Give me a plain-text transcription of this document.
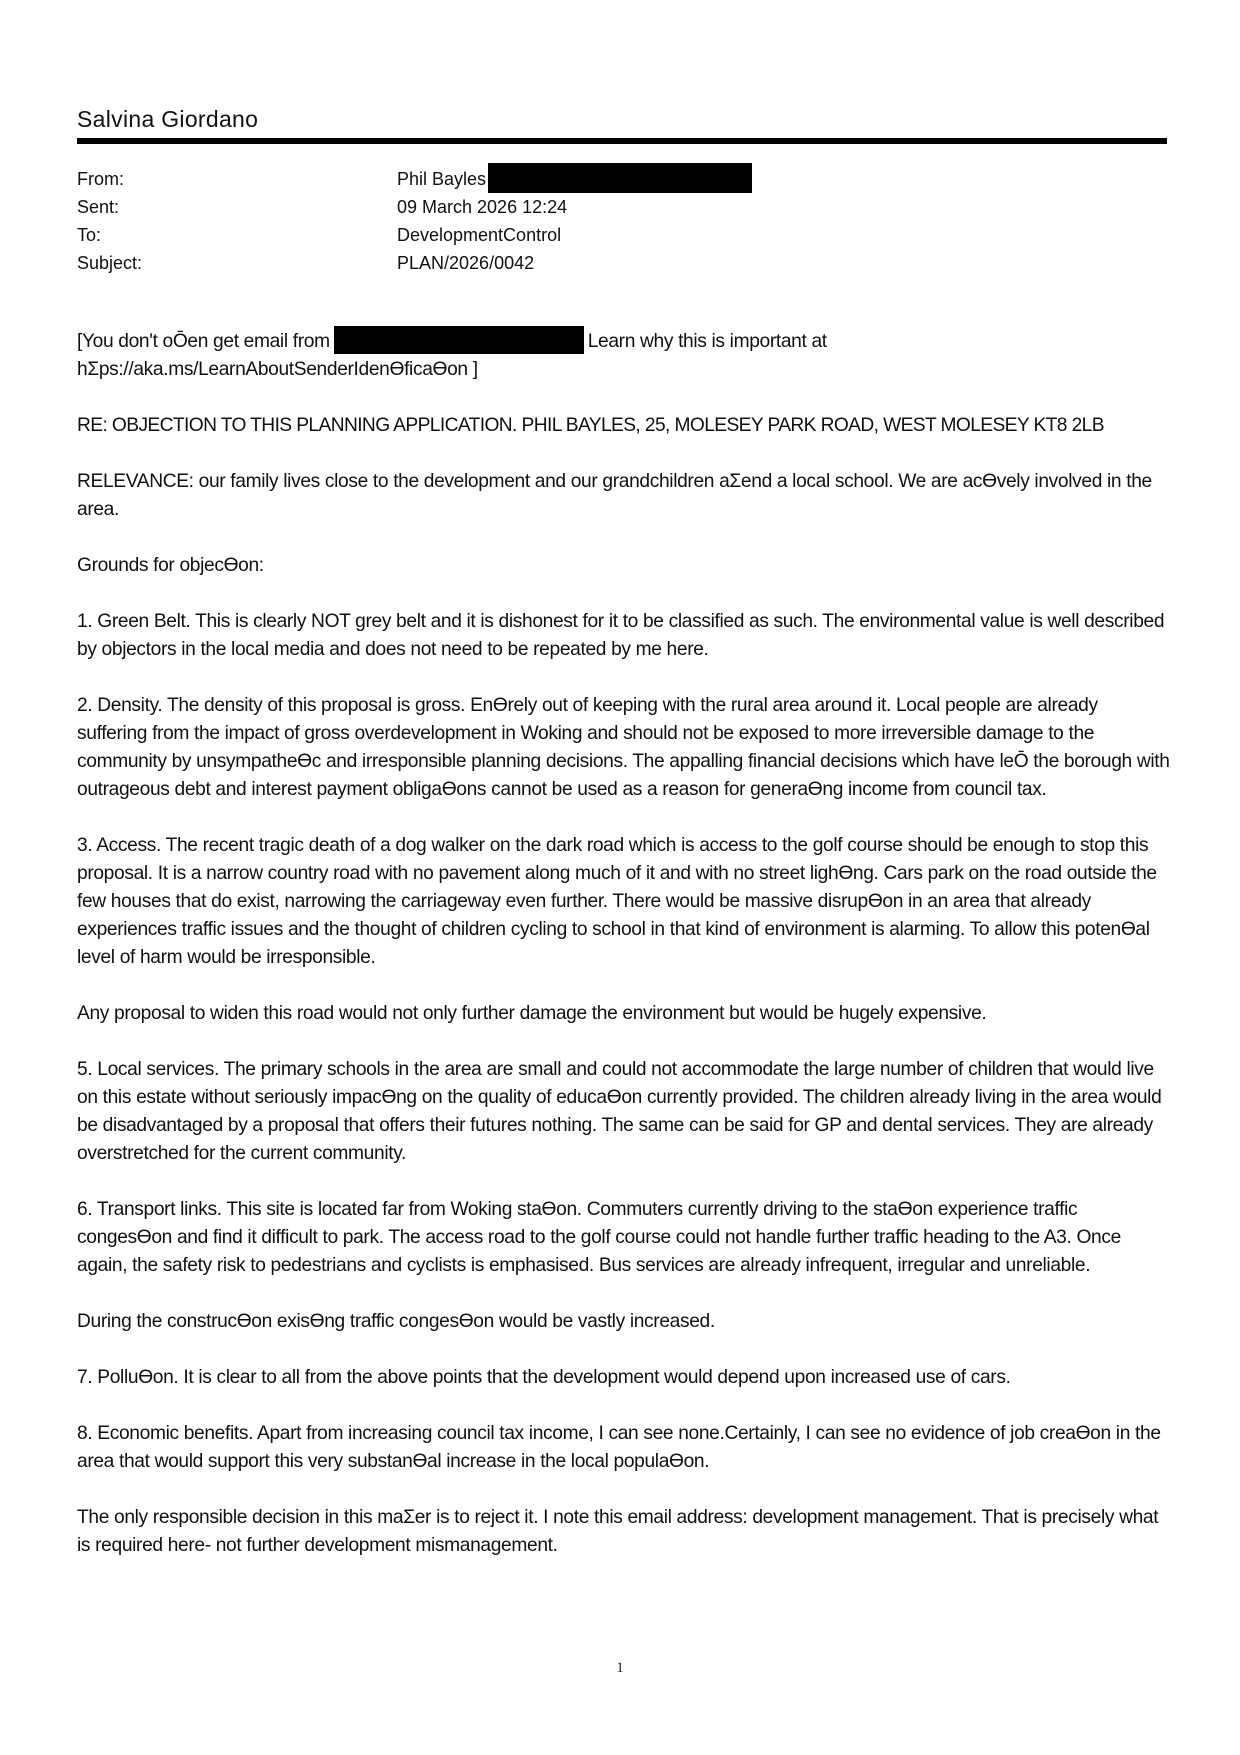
Salvina Giordano
From:	Phil Bayles
Sent:	09 March 2026 12:24
To:	DevelopmentControl
Subject:	PLAN/2026/0042
[You don't oŌen get email from	Learn why this is important at
hΣps://aka.ms/LearnAboutSenderIdenƟficaƟon ]
RE: OBJECTION TO THIS PLANNING APPLICATION. PHIL BAYLES, 25, MOLESEY PARK ROAD, WEST MOLESEY KT8 2LB
RELEVANCE: our family lives close to the development and our grandchildren aΣend a local school. We are acƟvely involved in the area.
Grounds for objecƟon:
1. Green Belt. This is clearly NOT grey belt and it is dishonest for it to be classified as such. The environmental value is well described by objectors in the local media and does not need to be repeated by me here.
2. Density. The density of this proposal is gross. EnƟrely out of keeping with the rural area around it. Local people are already suffering from the impact of gross overdevelopment in Woking and should not be exposed to more irreversible damage to the community by unsympatheƟc and irresponsible planning decisions. The appalling financial decisions which have leŌ the borough with outrageous debt and interest payment obligaƟons cannot be used as a reason for generaƟng income from council tax.
3. Access. The recent tragic death of a dog walker on the dark road which is access to the golf course should be enough to stop this proposal. It is a narrow country road with no pavement along much of it and with no street lighƟng. Cars park on the road outside the few houses that do exist, narrowing the carriageway even further. There would be massive disrupƟon in an area that already experiences traffic issues and the thought of children cycling to school in that kind of environment is alarming. To allow this potenƟal level of harm would be irresponsible.
Any proposal to widen this road would not only further damage the environment but would be hugely expensive.
5. Local services. The primary schools in the area are small and could not accommodate the large number of children that would live on this estate without seriously impacƟng on the quality of educaƟon currently provided. The children already living in the area would be disadvantaged by a proposal that offers their futures nothing. The same can be said for GP and dental services. They are already overstretched for the current community.
6. Transport links. This site is located far from Woking staƟon. Commuters currently driving to the staƟon experience traffic congesƟon and find it difficult to park. The access road to the golf course could not handle further traffic heading to the A3. Once again, the safety risk to pedestrians and cyclists is emphasised. Bus services are already infrequent, irregular and unreliable.
During the construcƟon exisƟng traffic congesƟon would be vastly increased.
7. PolluƟon. It is clear to all from the above points that the development would depend upon increased use of cars.
8. Economic benefits. Apart from increasing council tax income, I can see none.Certainly, I can see no evidence of job creaƟon in the area that would support this very substanƟal increase in the local populaƟon.
The only responsible decision in this maΣer is to reject it. I note this email address: development management. That is precisely what is required here- not further development mismanagement.
1
